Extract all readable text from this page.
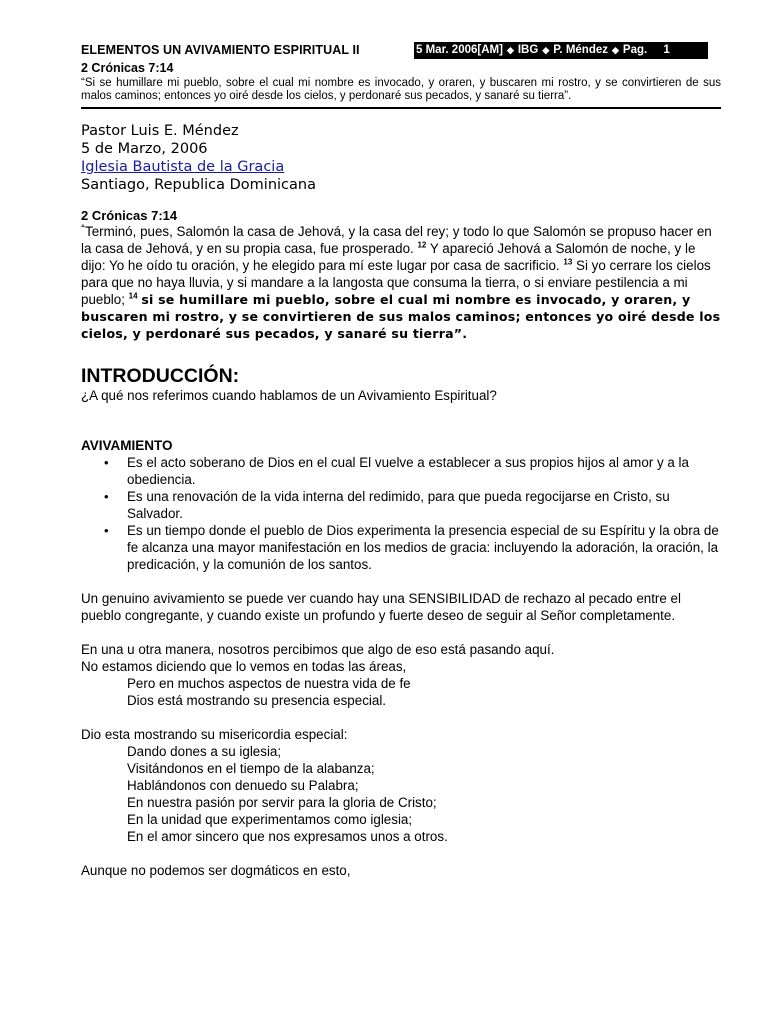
ELEMENTOS UN AVIVAMIENTO ESPIRITUAL II	5 Mar. 2006[AM] ◆ IBG ◆ P. Méndez ◆ Pag. 1
2 Crónicas 7:14
“Si se humillare mi pueblo, sobre el cual mi nombre es invocado, y oraren, y buscaren mi rostro, y se convirtieren de sus malos caminos; entonces yo oiré desde los cielos, y perdonaré sus pecados, y sanaré su tierra”.
Pastor Luis E. Méndez
5 de Marzo, 2006
Iglesia Bautista de la Gracia
Santiago, Republica Dominicana
2 Crónicas 7:14
“Terminó, pues, Salomón la casa de Jehová, y la casa del rey; y todo lo que Salomón se propuso hacer en la casa de Jehová, y en su propia casa, fue prosperado. $^{12}$ Y apareció Jehová a Salomón de noche, y le dijo: Yo he oído tu oración, y he elegido para mí este lugar por casa de sacrificio. $^{13}$ Si yo cerrare los cielos para que no haya lluvia, y si mandare a la langosta que consuma la tierra, o si enviare pestilencia a mi pueblo; $^{14}$ si se humillare mi pueblo, sobre el cual mi nombre es invocado, y oraren, y buscaren mi rostro, y se convirtieren de sus malos caminos; entonces yo oiré desde los cielos, y perdonaré sus pecados, y sanaré su tierra”.
INTRODUCCIÓN:
¿A qué nos referimos cuando hablamos de un Avivamiento Espiritual?
AVIVAMIENTO
• Es el acto soberano de Dios en el cual El vuelve a establecer a sus propios hijos al amor y a la obediencia.
• Es una renovación de la vida interna del redimido, para que pueda regocijarse en Cristo, su Salvador.
• Es un tiempo donde el pueblo de Dios experimenta la presencia especial de su Espíritu y la obra de fe alcanza una mayor manifestación en los medios de gracia: incluyendo la adoración, la oración, la predicación, y la comunión de los santos.
Un genuino avivamiento se puede ver cuando hay una SENSIBILIDAD de rechazo al pecado entre el pueblo congregante, y cuando existe un profundo y fuerte deseo de seguir al Señor completamente.
En una u otra manera, nosotros percibimos que algo de eso está pasando aquí.
No estamos diciendo que lo vemos en todas las áreas,
Pero en muchos aspectos de nuestra vida de fe
Dios está mostrando su presencia especial.
Dio esta mostrando su misericordia especial:
Dando dones a su iglesia;
Visitándonos en el tiempo de la alabanza;
Hablándonos con denuedo su Palabra;
En nuestra pasión por servir para la gloria de Cristo;
En la unidad que experimentamos como iglesia;
En el amor sincero que nos expresamos unos a otros.
Aunque no podemos ser dogmáticos en esto,
